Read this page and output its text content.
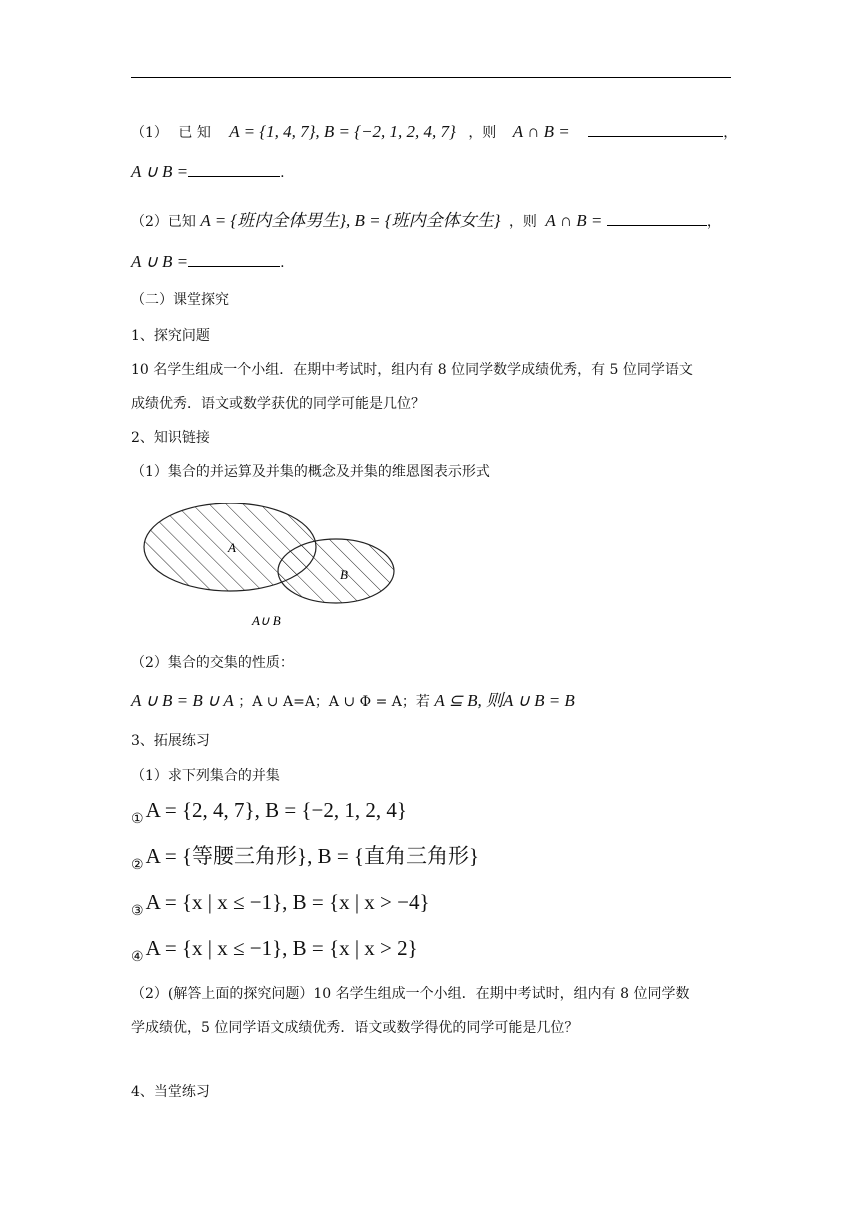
（1） 已 知 A = {1, 4, 7}, B = {−2, 1, 2, 4, 7} ，则 A ∩ B =	，
A ∪ B =	.
（2）已知 A = {班内全体男生}, B = {班内全体女生} ，则 A ∩ B =	，
A ∪ B =	.
（二）课堂探究
1、探究问题
10 名学生组成一个小组．在期中考试时，组内有 8 位同学数学成绩优秀，有 5 位同学语文
成绩优秀．语文或数学获优的同学可能是几位？
2、知识链接
（1）集合的并运算及并集的概念及并集的维恩图表示形式
A
B
A∪ B
（2）集合的交集的性质：
A ∪ B = B ∪ A ；A ∪ A=A；A ∪ Φ = A；若 A ⊆ B, 则A ∪ B = B
3、拓展练习
（1）求下列集合的并集
①A = {2, 4, 7}, B = {−2, 1, 2, 4}
②A = {等腰三角形}, B = {直角三角形}
③A = {x | x ≤ −1}, B = {x | x > −4}
④A = {x | x ≤ −1}, B = {x | x > 2}
（2）(解答上面的探究问题）10 名学生组成一个小组．在期中考试时，组内有 8 位同学数
学成绩优，5 位同学语文成绩优秀．语文或数学得优的同学可能是几位？
4、当堂练习
